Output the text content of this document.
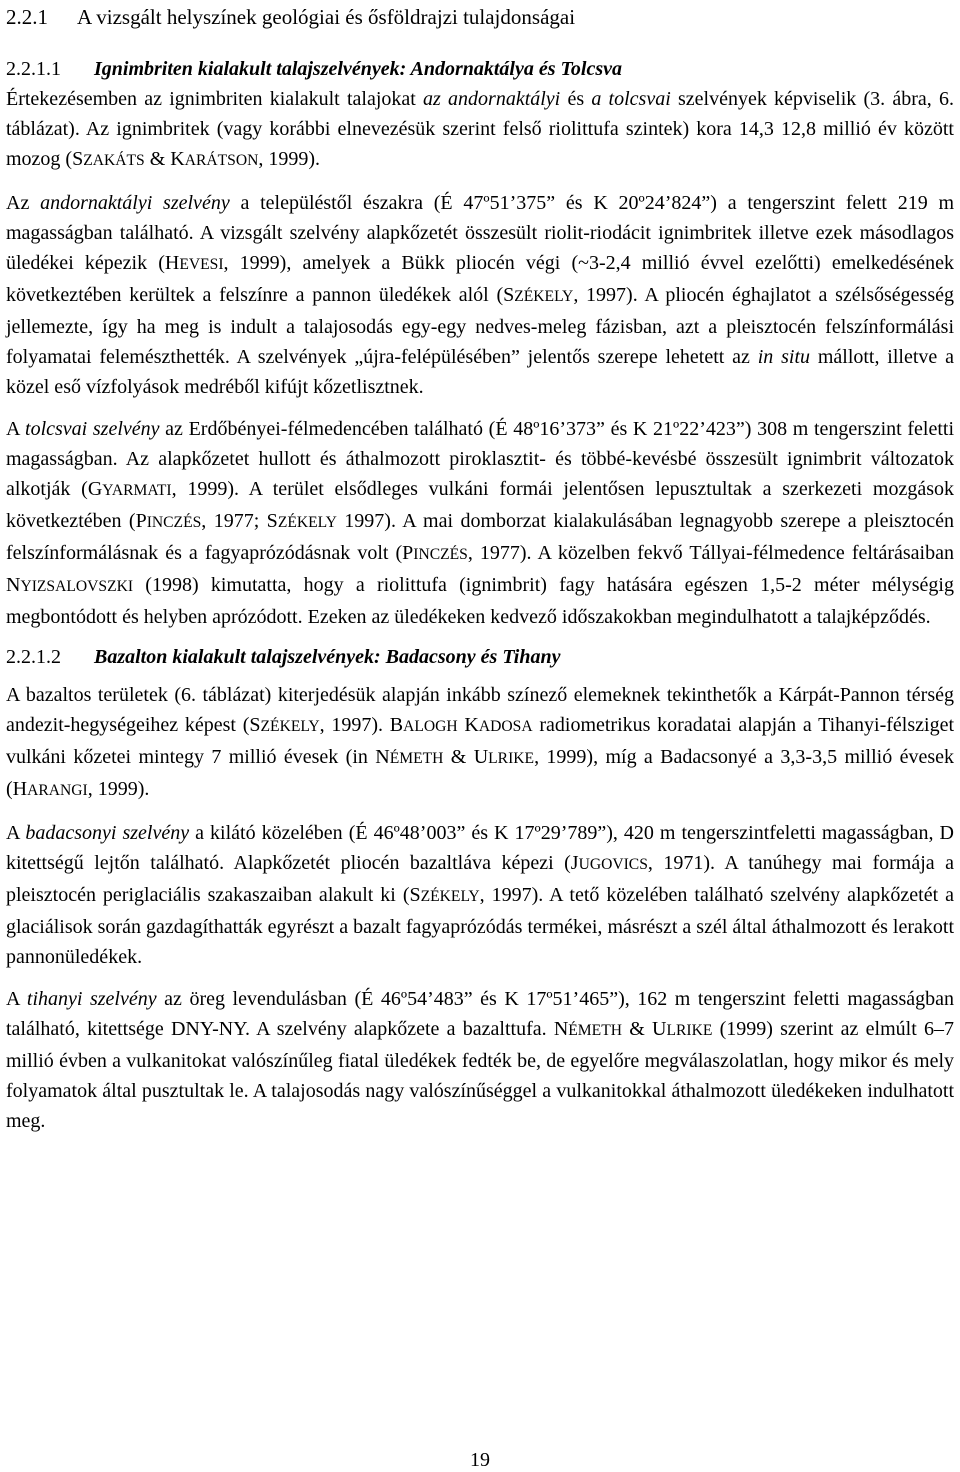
2.2.1 A vizsgált helyszínek geológiai és ősföldrajzi tulajdonságai
2.2.1.1 Ignimbriten kialakult talajszelvények: Andornaktálya és Tolcsva

Értekezésemben az ignimbriten kialakult talajokat az andornaktályi és a tolcsvai szelvények képviselik (3. ábra, 6. táblázat). Az ignimbritek (vagy korábbi elnevezésük szerint felső riolittufa szintek) kora 14,3 12,8 millió év között mozog (SZAKÁTS & KARÁTSON, 1999).

Az andornaktályi szelvény a településtől északra (É 47º51’375” és K 20º24’824”) a tengerszint felett 219 m magasságban található. A vizsgált szelvény alapkőzetét összesült riolit-riodácit ignimbritek illetve ezek másodlagos üledékei képezik (HEVESI, 1999), amelyek a Bükk pliocén végi (~3-2,4 millió évvel ezelőtti) emelkedésének következtében kerültek a felszínre a pannon üledékek alól (SZÉKELY, 1997). A pliocén éghajlatot a szélsőségesség jellemezte, így ha meg is indult a talajosodás egy-egy nedves-meleg fázisban, azt a pleisztocén felszínformálási folyamatai felemészthették. A szelvények „újra-felépülésében” jelentős szerepe lehetett az in situ mállott, illetve a közel eső vízfolyások medréből kifújt kőzetlisztnek.

A tolcsvai szelvény az Erdőbényei-félmedencében található (É 48º16’373” és K 21º22’423”) 308 m tengerszint feletti magasságban. Az alapkőzetet hullott és áthalmozott piroklasztit- és többé-kevésbé összesült ignimbrit változatok alkotják (GYARMATI, 1999). A terület elsődleges vulkáni formái jelentősen lepusztultak a szerkezeti mozgások következtében (PINCZÉS, 1977; SZÉKELY 1997). A mai domborzat kialakulásában legnagyobb szerepe a pleisztocén felszínformálásnak és a fagyaprózódásnak volt (PINCZÉS, 1977). A közelben fekvő Tállyai-félmedence feltárásaiban NYIZSALOVSZKI (1998) kimutatta, hogy a riolittufa (ignimbrit) fagy hatására egészen 1,5-2 méter mélységig megbontódott és helyben aprózódott. Ezeken az üledékeken kedvező időszakokban megindulhatott a talajképződés.

2.2.1.2 Bazalton kialakult talajszelvények: Badacsony és Tihany

A bazaltos területek (6. táblázat) kiterjedésük alapján inkább színező elemeknek tekinthetők a Kárpát-Pannon térség andezit-hegységeihez képest (SZÉKELY, 1997). BALOGH KADOSA radiometrikus koradatai alapján a Tihanyi-félsziget vulkáni kőzetei mintegy 7 millió évesek (in NÉMETH & ULRIKE, 1999), míg a Badacsonyé a 3,3-3,5 millió évesek (HARANGI, 1999).

A badacsonyi szelvény a kilátó közelében (É 46º48’003” és K 17º29’789”), 420 m tengerszintfeletti magasságban, D kitettségű lejtőn található. Alapkőzetét pliocén bazaltláva képezi (JUGOVICS, 1971). A tanúhegy mai formája a pleisztocén periglaciális szakaszaiban alakult ki (SZÉKELY, 1997). A tető közelében található szelvény alapkőzetét a glaciálisok során gazdagíthatták egyrészt a bazalt fagyaprózódás termékei, másrészt a szél által áthalmozott és lerakott pannonüledékek.

A tihanyi szelvény az öreg levendulásban (É 46º54’483” és K 17º51’465”), 162 m tengerszint feletti magasságban található, kitettsége DNY-NY. A szelvény alapkőzete a bazalttufa. NÉMETH & ULRIKE (1999) szerint az elmúlt 6–7 millió évben a vulkanitokat valószínűleg fiatal üledékek fedték be, de egyelőre megválaszolatlan, hogy mikor és mely folyamatok által pusztultak le. A talajosodás nagy valószínűséggel a vulkanitokkal áthalmozott üledékeken indulhatott meg.

19
